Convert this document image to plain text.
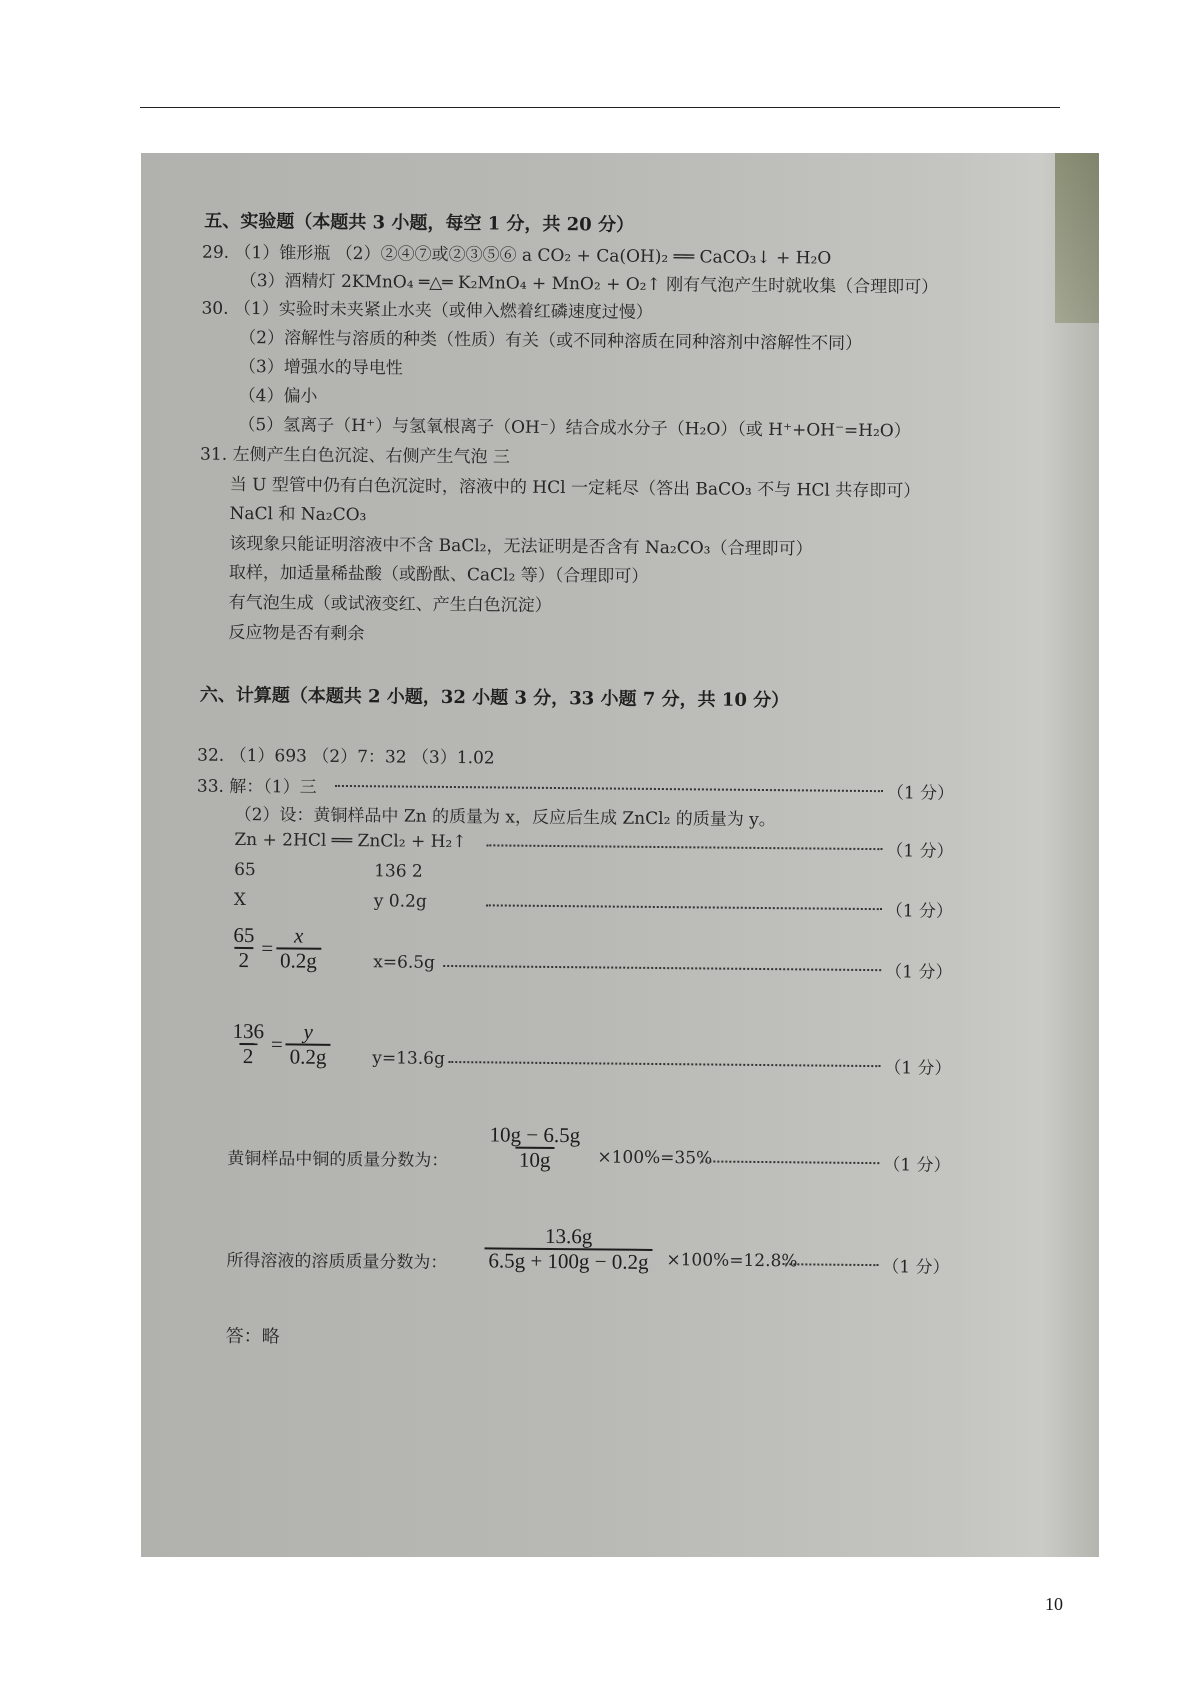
五、实验题（本题共 3 小题，每空 1 分，共 20 分）
29. （1）锥形瓶 （2）②④⑦或②③⑤⑥ a CO₂ + Ca(OH)₂ ══ CaCO₃↓ + H₂O
（3）酒精灯 2KMnO₄ ═△═ K₂MnO₄ + MnO₂ + O₂↑ 刚有气泡产生时就收集（合理即可）
30. （1）实验时未夹紧止水夹（或伸入燃着红磷速度过慢）
（2）溶解性与溶质的种类（性质）有关（或不同种溶质在同种溶剂中溶解性不同）
（3）增强水的导电性
（4）偏小
（5）氢离子（H⁺）与氢氧根离子（OH⁻）结合成水分子（H₂O）（或 H⁺+OH⁻=H₂O）
31. 左侧产生白色沉淀、右侧产生气泡 三
当 U 型管中仍有白色沉淀时，溶液中的 HCl 一定耗尽（答出 BaCO₃ 不与 HCl 共存即可）
NaCl 和 Na₂CO₃
该现象只能证明溶液中不含 BaCl₂，无法证明是否含有 Na₂CO₃（合理即可）
取样，加适量稀盐酸（或酚酞、CaCl₂ 等）（合理即可）
有气泡生成（或试液变红、产生白色沉淀）
反应物是否有剩余
六、计算题（本题共 2 小题，32 小题 3 分，33 小题 7 分，共 10 分）
32. （1）693 （2）7：32 （3）1.02
33. 解：（1）三	（1 分）
（2）设：黄铜样品中 Zn 的质量为 x，反应后生成 ZnCl₂ 的质量为 y。
Zn + 2HCl ══ ZnCl₂ + H₂↑	（1 分）
65	136 2
X	y 0.2g	（1 分）
$\frac{65}{2} = \frac{x}{0.2g}$	x=6.5g	（1 分）
$\frac{136}{2} = \frac{y}{0.2g} y=13.6g$	（1 分）
黄铜样品中铜的质量分数为： $\frac{10g - 6.5g}{10g} \times 100\%=35\%$	（1 分）
所得溶液的溶质质量分数为： $\frac{13.6g}{6.5g + 100g - 0.2g} \times 100\%=12.8\%$	（1 分）
答：略
10
